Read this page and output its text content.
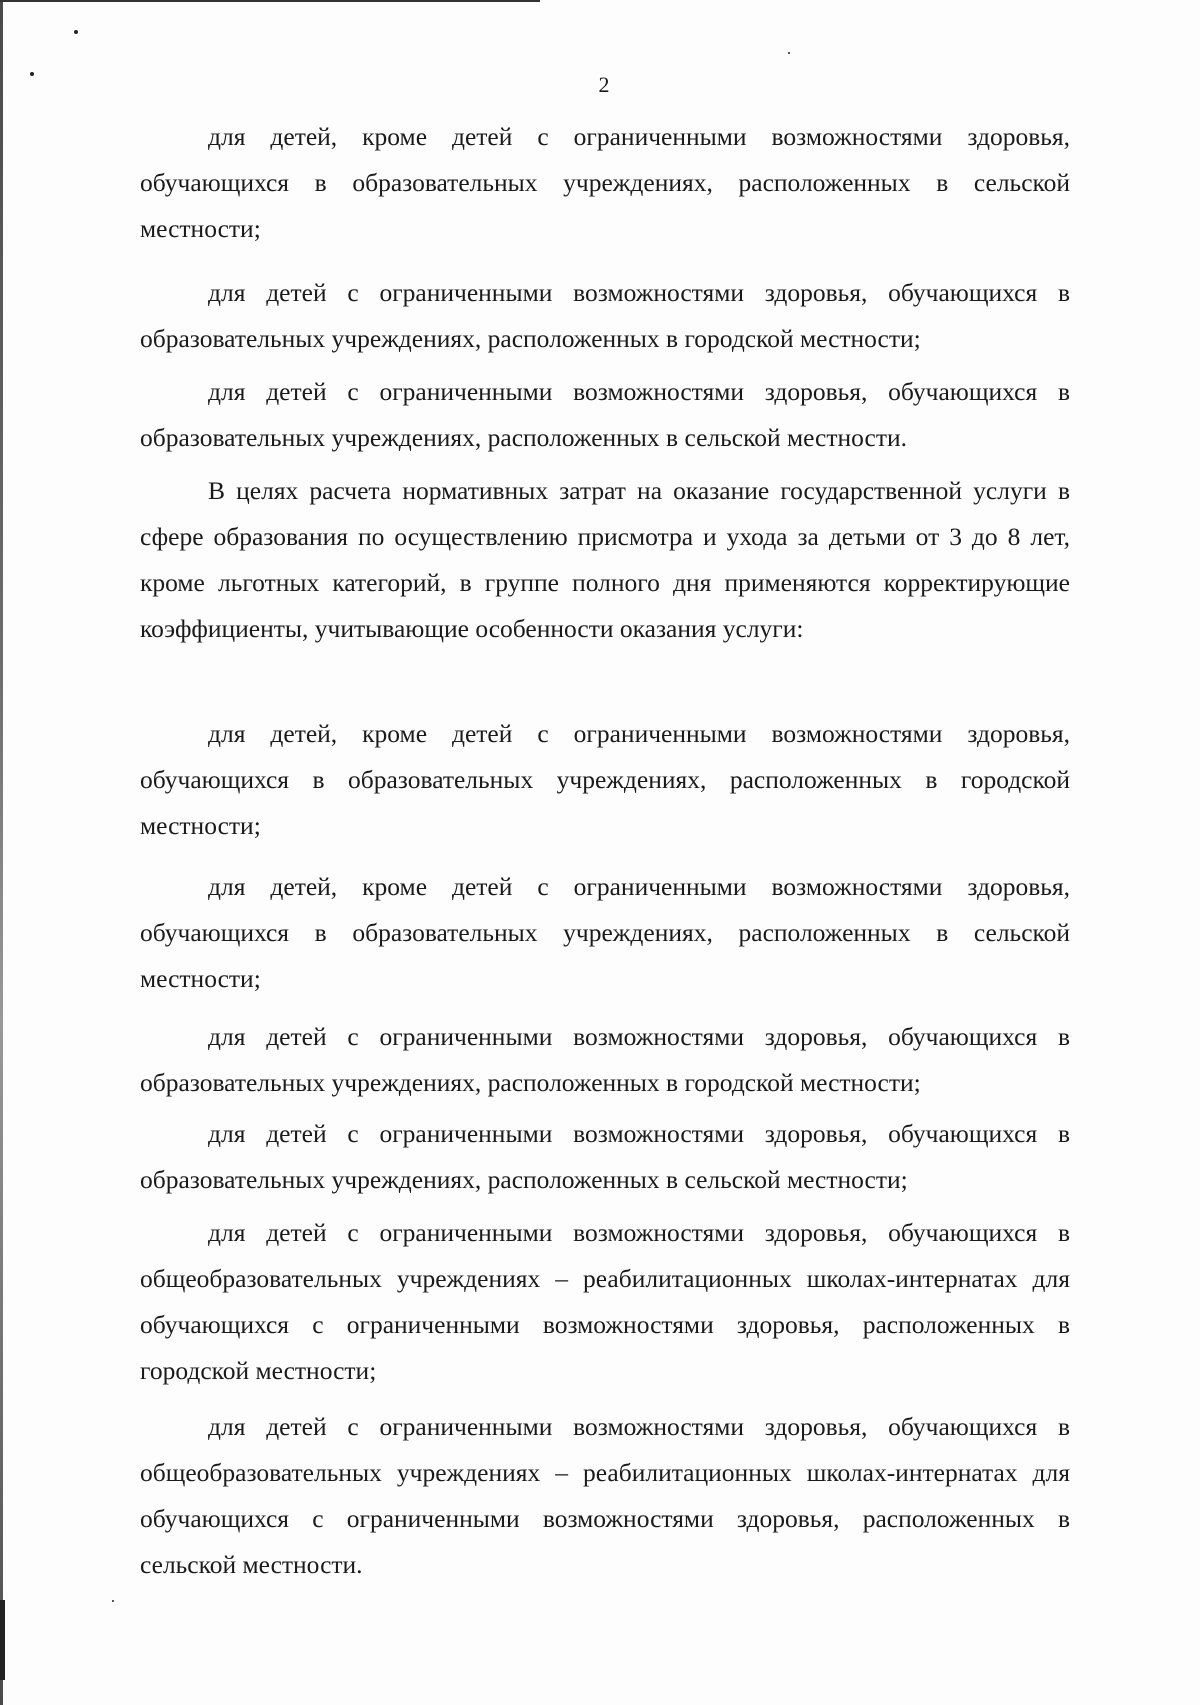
2

для детей, кроме детей с ограниченными возможностями здоровья, обучающихся в образовательных учреждениях, расположенных в сельской местности;

для детей с ограниченными возможностями здоровья, обучающихся в образовательных учреждениях, расположенных в городской местности;

для детей с ограниченными возможностями здоровья, обучающихся в образовательных учреждениях, расположенных в сельской местности.

В целях расчета нормативных затрат на оказание государственной услуги в сфере образования по осуществлению присмотра и ухода за детьми от 3 до 8 лет, кроме льготных категорий, в группе полного дня применяются корректирующие коэффициенты, учитывающие особенности оказания услуги:

для детей, кроме детей с ограниченными возможностями здоровья, обучающихся в образовательных учреждениях, расположенных в городской местности;

для детей, кроме детей с ограниченными возможностями здоровья, обучающихся в образовательных учреждениях, расположенных в сельской местности;

для детей с ограниченными возможностями здоровья, обучающихся в образовательных учреждениях, расположенных в городской местности;

для детей с ограниченными возможностями здоровья, обучающихся в образовательных учреждениях, расположенных в сельской местности;

для детей с ограниченными возможностями здоровья, обучающихся в общеобразовательных учреждениях – реабилитационных школах-интернатах для обучающихся с ограниченными возможностями здоровья, расположенных в городской местности;

для детей с ограниченными возможностями здоровья, обучающихся в общеобразовательных учреждениях – реабилитационных школах-интернатах для обучающихся с ограниченными возможностями здоровья, расположенных в сельской местности.
